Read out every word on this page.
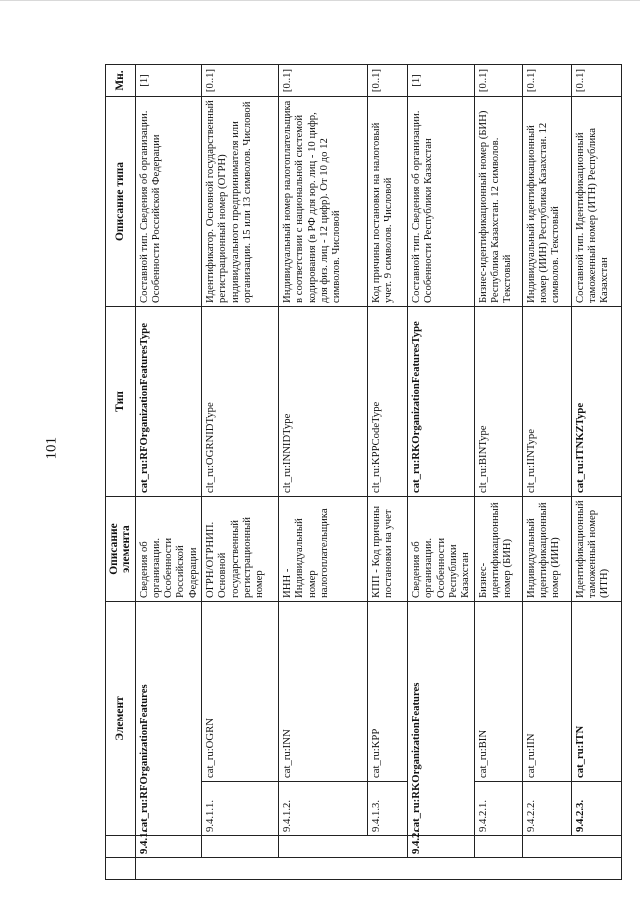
101
		Элемент		Описание элемента	Тип	Описание типа	Мн.
	9.4.1.	cat_ru:RFOrganizationFeatures		Сведения об организации. Особенности Российской Федерации	cat_ru:RFOrganizationFeaturesType	Составной тип. Сведения об организации. Особенности Российской Федерации	[1]
		9.4.1.1.	cat_ru:OGRN	ОГРН/ОГРНИП. Основной государственный регистрационный номер	clt_ru:OGRNIDType	Идентификатор. Основной государственный регистрационный номер (ОГРН) индивидуального предпринимателя или организации. 15 или 13 символов. Числовой	[0..1]
		9.4.1.2.	cat_ru:INN	ИНН - Индивидуальный номер налогоплательщика	clt_ru:INNIDType	Индивидуальный номер налогоплательщика в соответствии с национальной системой кодирования (в РФ для юр. лиц - 10 цифр, для физ. лиц - 12 цифр). От 10 до 12 символов. Числовой	[0..1]
		9.4.1.3.	cat_ru:KPP	КПП - Код причины постановки на учет	clt_ru:KPPCodeType	Код причины постановки на налоговый учет. 9 символов. Числовой	[0..1]
	9.4.2.	cat_ru:RKOrganizationFeatures		Сведения об организации. Особенности Республики Казахстан	cat_ru:RKOrganizationFeaturesType	Составной тип. Сведения об организации. Особенности Республики Казахстан	[1]
		9.4.2.1.	cat_ru:BIN	Бизнес-идентификационный номер (БИН)	clt_ru:BINType	Бизнес-идентификационный номер (БИН) Республика Казахстан. 12 символов. Текстовый	[0..1]
		9.4.2.2.	cat_ru:IIN	Индивидуальный идентификационный номер (ИИН)	clt_ru:IINType	Индивидуальный идентификационный номер (ИИН) Республика Казахстан. 12 символов. Текстовый	[0..1]
		9.4.2.3.	cat_ru:ITN	Идентификационный таможенный номер (ИТН)	cat_ru:ITNKZType	Составной тип. Идентификационный таможенный номер (ИТН) Республика Казахстан	[0..1]
